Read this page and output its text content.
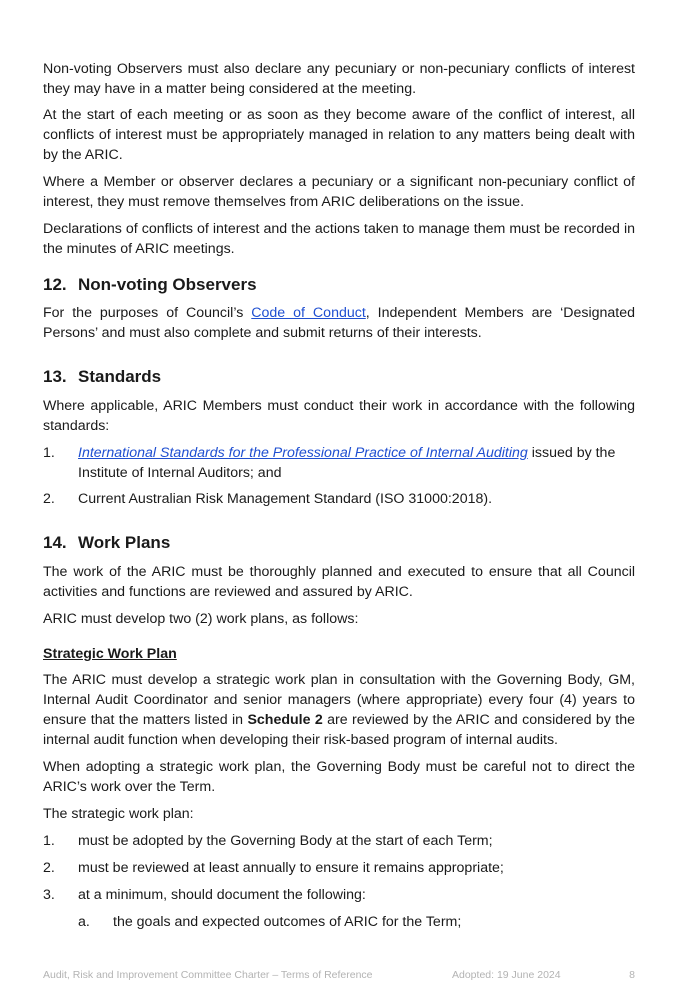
Non-voting Observers must also declare any pecuniary or non-pecuniary conflicts of interest they may have in a matter being considered at the meeting.

At the start of each meeting or as soon as they become aware of the conflict of interest, all conflicts of interest must be appropriately managed in relation to any matters being dealt with by the ARIC.

Where a Member or observer declares a pecuniary or a significant non-pecuniary conflict of interest, they must remove themselves from ARIC deliberations on the issue.

Declarations of conflicts of interest and the actions taken to manage them must be recorded in the minutes of ARIC meetings.

12. Non-voting Observers

For the purposes of Council’s Code of Conduct, Independent Members are ‘Designated Persons’ and must also complete and submit returns of their interests.

13. Standards

Where applicable, ARIC Members must conduct their work in accordance with the following standards:

1. International Standards for the Professional Practice of Internal Auditing issued by the Institute of Internal Auditors; and
2. Current Australian Risk Management Standard (ISO 31000:2018).
14. Work Plans

The work of the ARIC must be thoroughly planned and executed to ensure that all Council activities and functions are reviewed and assured by ARIC.

ARIC must develop two (2) work plans, as follows:

Strategic Work Plan

The ARIC must develop a strategic work plan in consultation with the Governing Body, GM, Internal Audit Coordinator and senior managers (where appropriate) every four (4) years to ensure that the matters listed in Schedule 2 are reviewed by the ARIC and considered by the internal audit function when developing their risk-based program of internal audits.

When adopting a strategic work plan, the Governing Body must be careful not to direct the ARIC’s work over the Term.

The strategic work plan:

1. must be adopted by the Governing Body at the start of each Term;
2. must be reviewed at least annually to ensure it remains appropriate;
3. at a minimum, should document the following:
a. the goals and expected outcomes of ARIC for the Term;
Audit, Risk and Improvement Committee Charter – Terms of Reference	Adopted: 19 June 2024	8
